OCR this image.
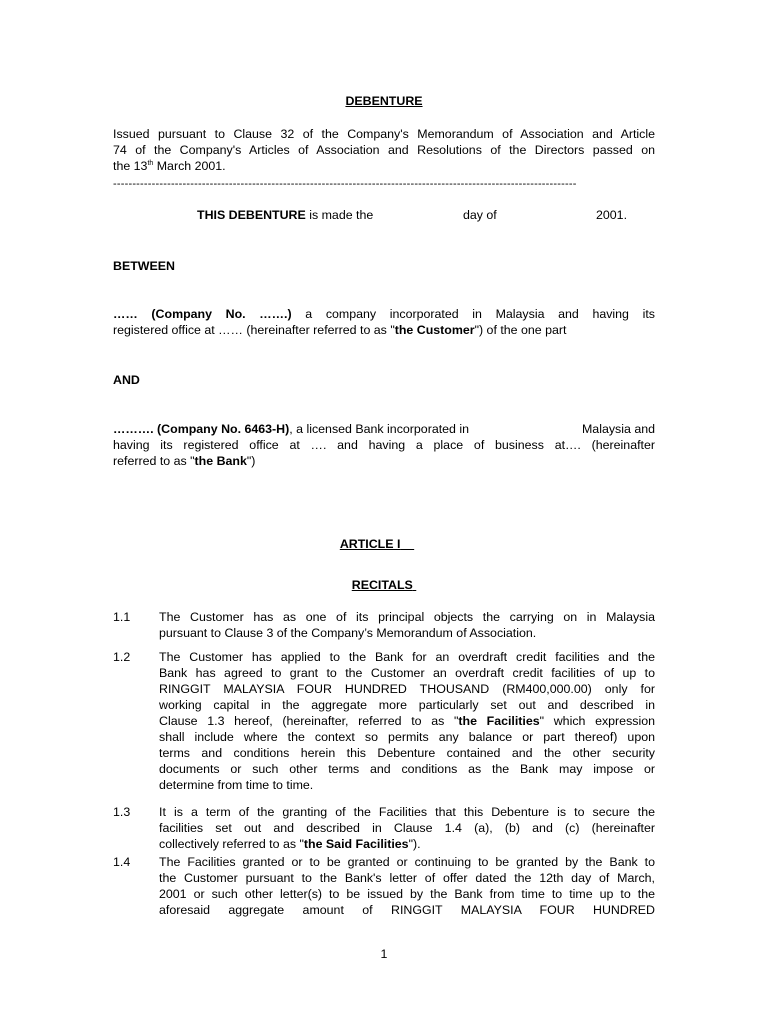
DEBENTURE
Issued pursuant to Clause 32 of the Company's Memorandum of Association and Article
74 of the Company's Articles of Association and Resolutions of the Directors passed on
the 13th March 2001.
------------------------------------------------------------------------------------------------------------------------
THIS DEBENTURE is made the	day of	2001.
BETWEEN
…… (Company No. …….) a company incorporated in Malaysia and having its
registered office at …… (hereinafter referred to as "the Customer") of the one part
AND
………. (Company No. 6463-H), a licensed Bank incorporated in	Malaysia and
having its registered office at …. and having a place of business at…. (hereinafter
referred to as "the Bank")
ARTICLE I
RECITALS
1.1 The Customer has as one of its principal objects the carrying on in Malaysia
pursuant to Clause 3 of the Company’s Memorandum of Association.
1.2 The Customer has applied to the Bank for an overdraft credit facilities and the
Bank has agreed to grant to the Customer an overdraft credit facilities of up to
RINGGIT MALAYSIA FOUR HUNDRED THOUSAND (RM400,000.00) only for
working capital in the aggregate more particularly set out and described in
Clause 1.3 hereof, (hereinafter, referred to as "the Facilities" which expression
shall include where the context so permits any balance or part thereof) upon
terms and conditions herein this Debenture contained and the other security
documents or such other terms and conditions as the Bank may impose or
determine from time to time.
1.3 It is a term of the granting of the Facilities that this Debenture is to secure the
facilities set out and described in Clause 1.4 (a), (b) and (c) (hereinafter
collectively referred to as "the Said Facilities").
1.4 The Facilities granted or to be granted or continuing to be granted by the Bank to
the Customer pursuant to the Bank's letter of offer dated the 12th day of March,
2001 or such other letter(s) to be issued by the Bank from time to time up to the
aforesaid aggregate amount of RINGGIT MALAYSIA FOUR HUNDRED
1
